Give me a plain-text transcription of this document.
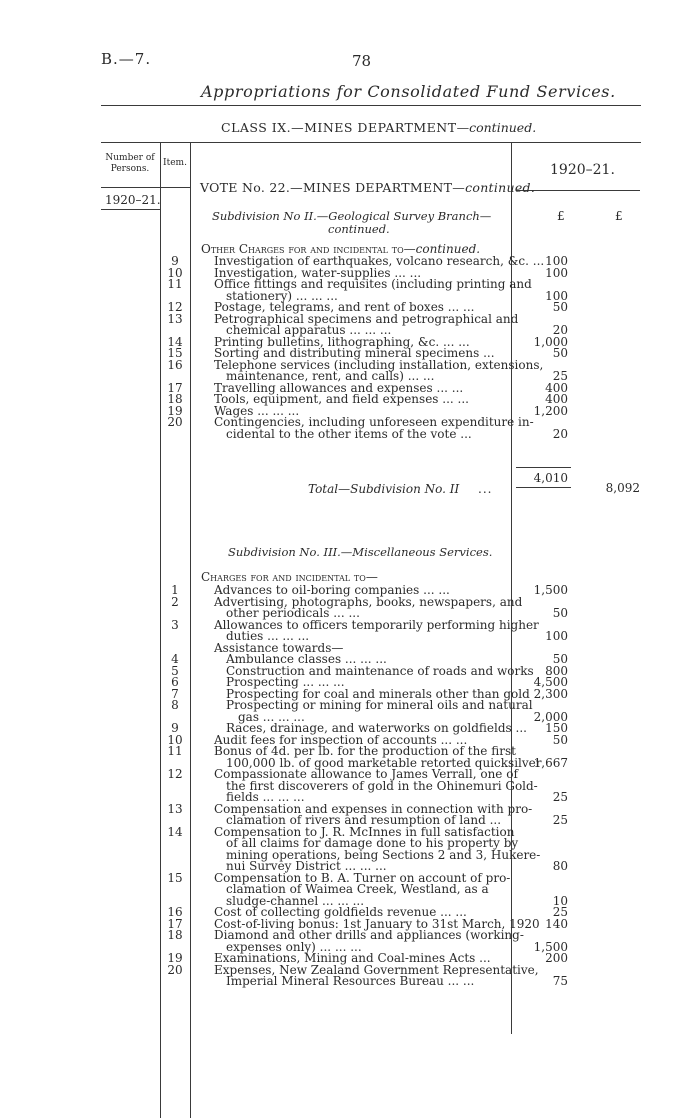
B.—7.	78
Appropriations for Consolidated Fund Services.
CLASS IX.—MINES DEPARTMENT—continued.
Number of Persons.
Item.	1920–21.
1920–21.
VOTE No. 22.—MINES DEPARTMENT—continued.
£	£
Subdivision No II.—Geological Survey Branch—
continued.
Other Charges for and incidental to—continued.
9	Investigation of earthquakes, volcano research, &c. ... 100
10	Investigation, water-supplies ... ...	100
11	Office fittings and requisites (including printing and
stationery) ... ... ...	100
12	Postage, telegrams, and rent of boxes ... ...	50
13	Petrographical specimens and petrographical and
chemical apparatus ... ... ...	20
14	Printing bulletins, lithographing, &c. ... ...	1,000
15	Sorting and distributing mineral specimens ...	50
16	Telephone services (including installation, extensions,
maintenance, rent, and calls) ... ...	25
17	Travelling allowances and expenses ... ...	400
18	Tools, equipment, and field expenses ... ...	400
19	Wages ... ... ...	1,200
20	Contingencies, including unforeseen expenditure in-
cidental to the other items of the vote ...	20
4,010
Total—Subdivision No. II ...	8,092
Subdivision No. III.—Miscellaneous Services.
Charges for and incidental to—
1	Advances to oil-boring companies ... ...	1,500
2	Advertising, photographs, books, newspapers, and
other periodicals ... ...	50
3	Allowances to officers temporarily performing higher
duties ... ... ...	100
Assistance towards—
4	Ambulance classes ... ... ...	50
5	Construction and maintenance of roads and works 800
6	Prospecting ... ... ...	4,500
7	Prospecting for coal and minerals other than gold 2,300
8	Prospecting or mining for mineral oils and natural
gas ... ... ...	2,000
9	Races, drainage, and waterworks on goldfields ...	150
10	Audit fees for inspection of accounts ... ...	50
11	Bonus of 4d. per lb. for the production of the first
100,000 lb. of good marketable retorted quicksilver
1,667
12	Compassionate allowance to James Verrall, one of
the first discoverers of gold in the Ohinemuri Gold-
fields ... ... ...	25
13	Compensation and expenses in connection with pro-
clamation of rivers and resumption of land ...	25
14	Compensation to J. R. McInnes in full satisfaction
of all claims for damage done to his property by
mining operations, being Sections 2 and 3, Hukere-
nui Survey District ... ... ...	80
15	Compensation to B. A. Turner on account of pro-
clamation of Waimea Creek, Westland, as a
sludge-channel ... ... ...	10
16	Cost of collecting goldfields revenue ... ...	25
17	Cost-of-living bonus: 1st January to 31st March, 1920 140
18	Diamond and other drills and appliances (working-
expenses only) ... ... ...	1,500
19	Examinations, Mining and Coal-mines Acts ...	200
20	Expenses, New Zealand Government Representative,
Imperial Mineral Resources Bureau ... ...	75
